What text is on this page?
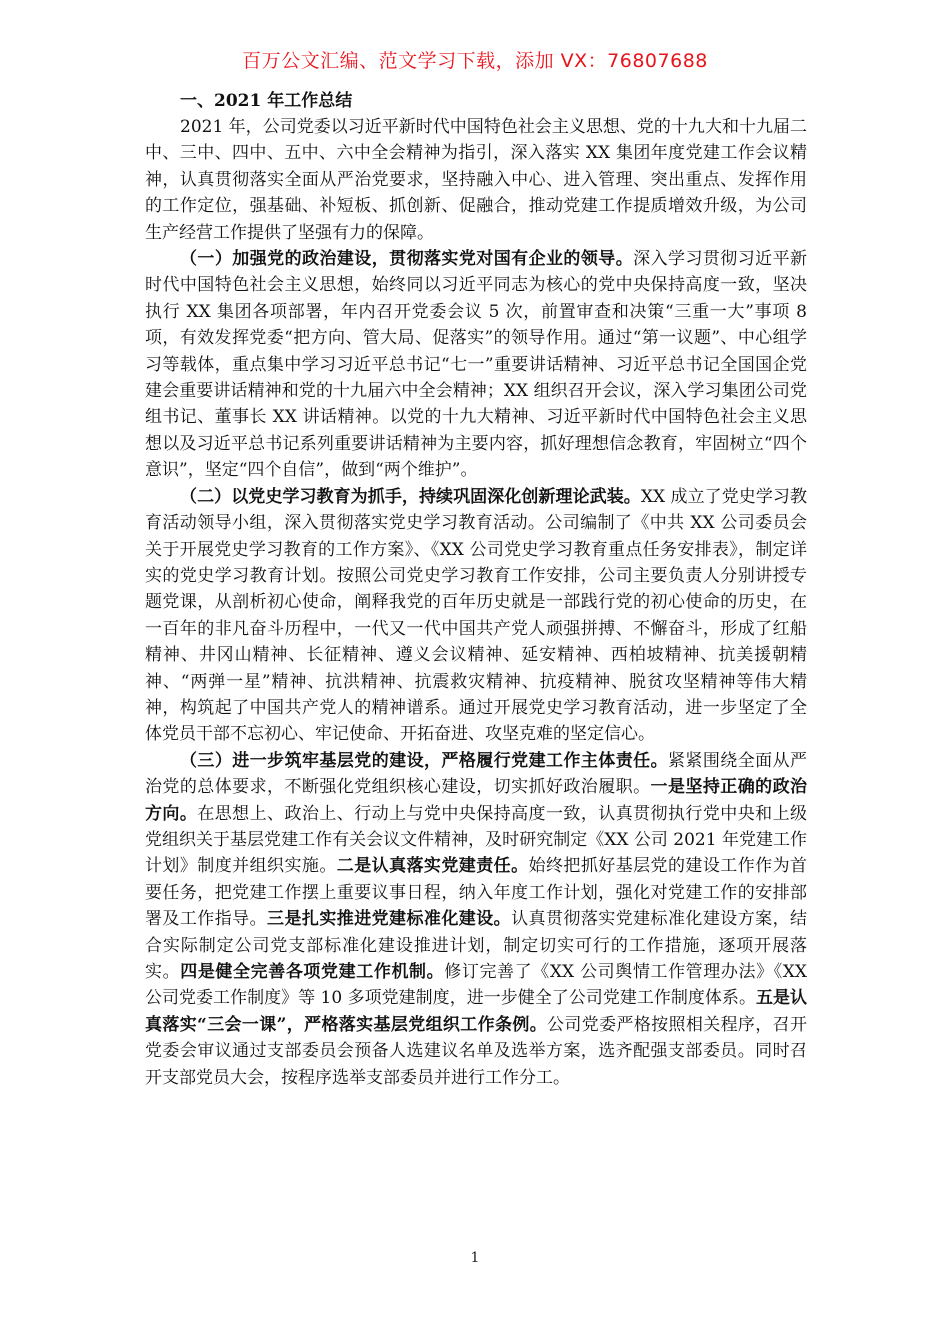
百万公文汇编、范文学习下载，添加 VX：76807688
一、2021 年工作总结

2021 年，公司党委以习近平新时代中国特色社会主义思想、党的十九大和十九届二中、三中、四中、五中、六中全会精神为指引，深入落实 XX 集团年度党建工作会议精神，认真贯彻落实全面从严治党要求，坚持融入中心、进入管理、突出重点、发挥作用的工作定位，强基础、补短板、抓创新、促融合，推动党建工作提质增效升级，为公司生产经营工作提供了坚强有力的保障。

（一）加强党的政治建设，贯彻落实党对国有企业的领导。深入学习贯彻习近平新时代中国特色社会主义思想，始终同以习近平同志为核心的党中央保持高度一致，坚决执行 XX 集团各项部署，年内召开党委会议 5 次，前置审查和决策“三重一大”事项 8 项，有效发挥党委“把方向、管大局、促落实”的领导作用。通过“第一议题”、中心组学习等载体，重点集中学习习近平总书记“七一”重要讲话精神、习近平总书记全国国企党建会重要讲话精神和党的十九届六中全会精神；XX 组织召开会议，深入学习集团公司党组书记、董事长 XX 讲话精神。以党的十九大精神、习近平新时代中国特色社会主义思想以及习近平总书记系列重要讲话精神为主要内容，抓好理想信念教育，牢固树立“四个意识”，坚定“四个自信”，做到“两个维护”。

（二）以党史学习教育为抓手，持续巩固深化创新理论武装。XX 成立了党史学习教育活动领导小组，深入贯彻落实党史学习教育活动。公司编制了《中共 XX 公司委员会关于开展党史学习教育的工作方案》、《XX 公司党史学习教育重点任务安排表》，制定详实的党史学习教育计划。按照公司党史学习教育工作安排，公司主要负责人分别讲授专题党课，从剖析初心使命，阐释我党的百年历史就是一部践行党的初心使命的历史，在一百年的非凡奋斗历程中，一代又一代中国共产党人顽强拼搏、不懈奋斗，形成了红船精神、井冈山精神、长征精神、遵义会议精神、延安精神、西柏坡精神、抗美援朝精神、“两弹一星”精神、抗洪精神、抗震救灾精神、抗疫精神、脱贫攻坚精神等伟大精神，构筑起了中国共产党人的精神谱系。通过开展党史学习教育活动，进一步坚定了全体党员干部不忘初心、牢记使命、开拓奋进、攻坚克难的坚定信心。

（三）进一步筑牢基层党的建设，严格履行党建工作主体责任。紧紧围绕全面从严治党的总体要求，不断强化党组织核心建设，切实抓好政治履职。一是坚持正确的政治方向。在思想上、政治上、行动上与党中央保持高度一致，认真贯彻执行党中央和上级党组织关于基层党建工作有关会议文件精神，及时研究制定《XX 公司 2021 年党建工作计划》制度并组织实施。二是认真落实党建责任。始终把抓好基层党的建设工作作为首要任务，把党建工作摆上重要议事日程，纳入年度工作计划，强化对党建工作的安排部署及工作指导。三是扎实推进党建标准化建设。认真贯彻落实党建标准化建设方案，结合实际制定公司党支部标准化建设推进计划，制定切实可行的工作措施，逐项开展落实。四是健全完善各项党建工作机制。修订完善了《XX 公司舆情工作管理办法》《XX 公司党委工作制度》等 10 多项党建制度，进一步健全了公司党建工作制度体系。五是认真落实“三会一课”，严格落实基层党组织工作条例。公司党委严格按照相关程序，召开党委会审议通过支部委员会预备人选建议名单及选举方案，选齐配强支部委员。同时召开支部党员大会，按程序选举支部委员并进行工作分工。

1
